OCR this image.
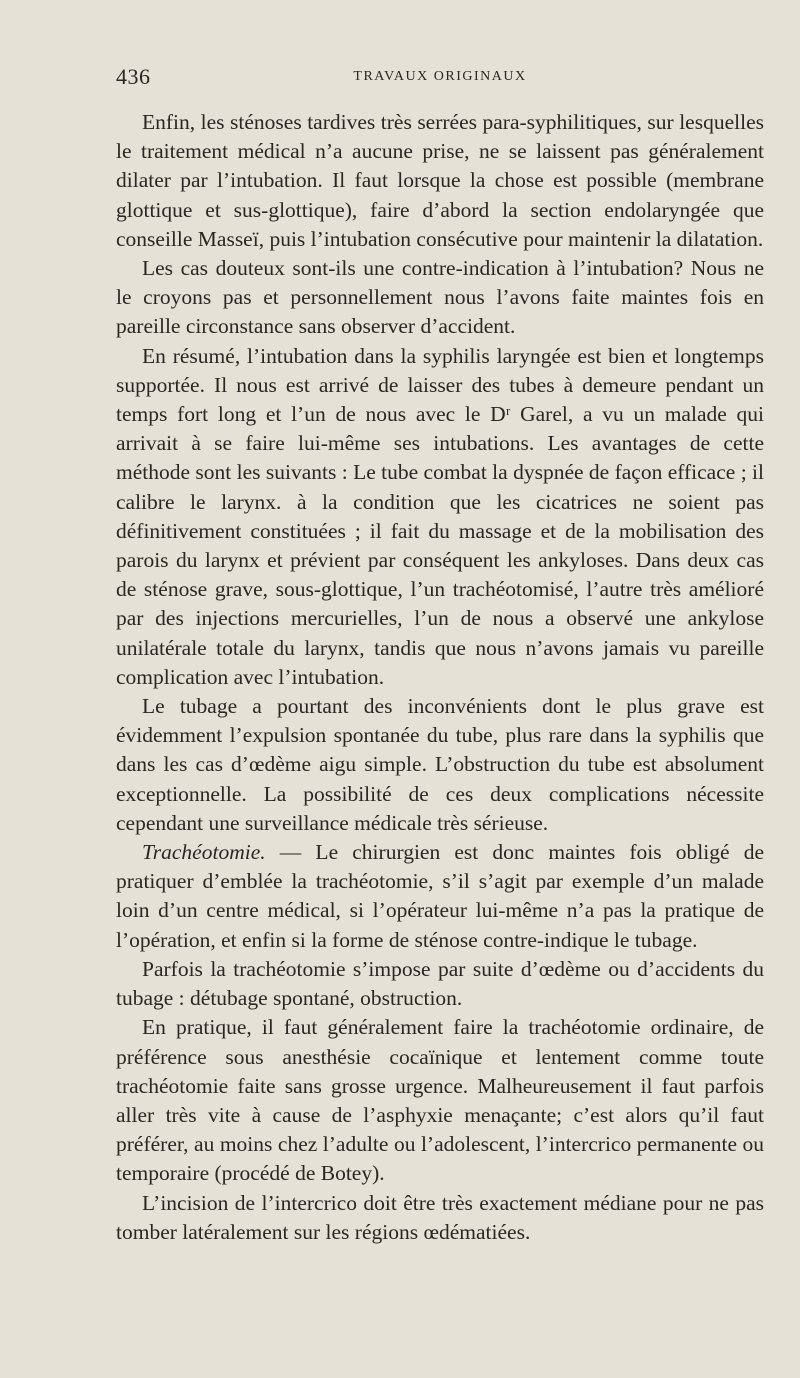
436	TRAVAUX ORIGINAUX

Enfin, les sténoses tardives très serrées para-syphilitiques, sur lesquelles le traitement médical n’a aucune prise, ne se laissent pas généralement dilater par l’intubation. Il faut lorsque la chose est possible (membrane glottique et sus-glottique), faire d’abord la section endolaryngée que conseille Masseï, puis l’intubation consécutive pour maintenir la dilatation.

Les cas douteux sont-ils une contre-indication à l’intubation? Nous ne le croyons pas et personnellement nous l’avons faite maintes fois en pareille circonstance sans observer d’accident.

En résumé, l’intubation dans la syphilis laryngée est bien et longtemps supportée. Il nous est arrivé de laisser des tubes à demeure pendant un temps fort long et l’un de nous avec le Dʳ Garel, a vu un malade qui arrivait à se faire lui-même ses intubations. Les avantages de cette méthode sont les suivants : Le tube combat la dyspnée de façon efficace ; il calibre le larynx. à la condition que les cicatrices ne soient pas définitivement constituées ; il fait du massage et de la mobilisation des parois du larynx et prévient par conséquent les ankyloses. Dans deux cas de sténose grave, sous-glottique, l’un trachéotomisé, l’autre très amélioré par des injections mercurielles, l’un de nous a observé une ankylose unilatérale totale du larynx, tandis que nous n’avons jamais vu pareille complication avec l’intubation.

Le tubage a pourtant des inconvénients dont le plus grave est évidemment l’expulsion spontanée du tube, plus rare dans la syphilis que dans les cas d’œdème aigu simple. L’obstruction du tube est absolument exceptionnelle. La possibilité de ces deux complications nécessite cependant une surveillance médicale très sérieuse.

Trachéotomie. — Le chirurgien est donc maintes fois obligé de pratiquer d’emblée la trachéotomie, s’il s’agit par exemple d’un malade loin d’un centre médical, si l’opérateur lui-même n’a pas la pratique de l’opération, et enfin si la forme de sténose contre-indique le tubage.

Parfois la trachéotomie s’impose par suite d’œdème ou d’accidents du tubage : détubage spontané, obstruction.

En pratique, il faut généralement faire la trachéotomie ordinaire, de préférence sous anesthésie cocaïnique et lentement comme toute trachéotomie faite sans grosse urgence. Malheureusement il faut parfois aller très vite à cause de l’asphyxie menaçante; c’est alors qu’il faut préférer, au moins chez l’adulte ou l’adolescent, l’intercrico permanente ou temporaire (procédé de Botey).

L’incision de l’intercrico doit être très exactement médiane pour ne pas tomber latéralement sur les régions œdématiées.
